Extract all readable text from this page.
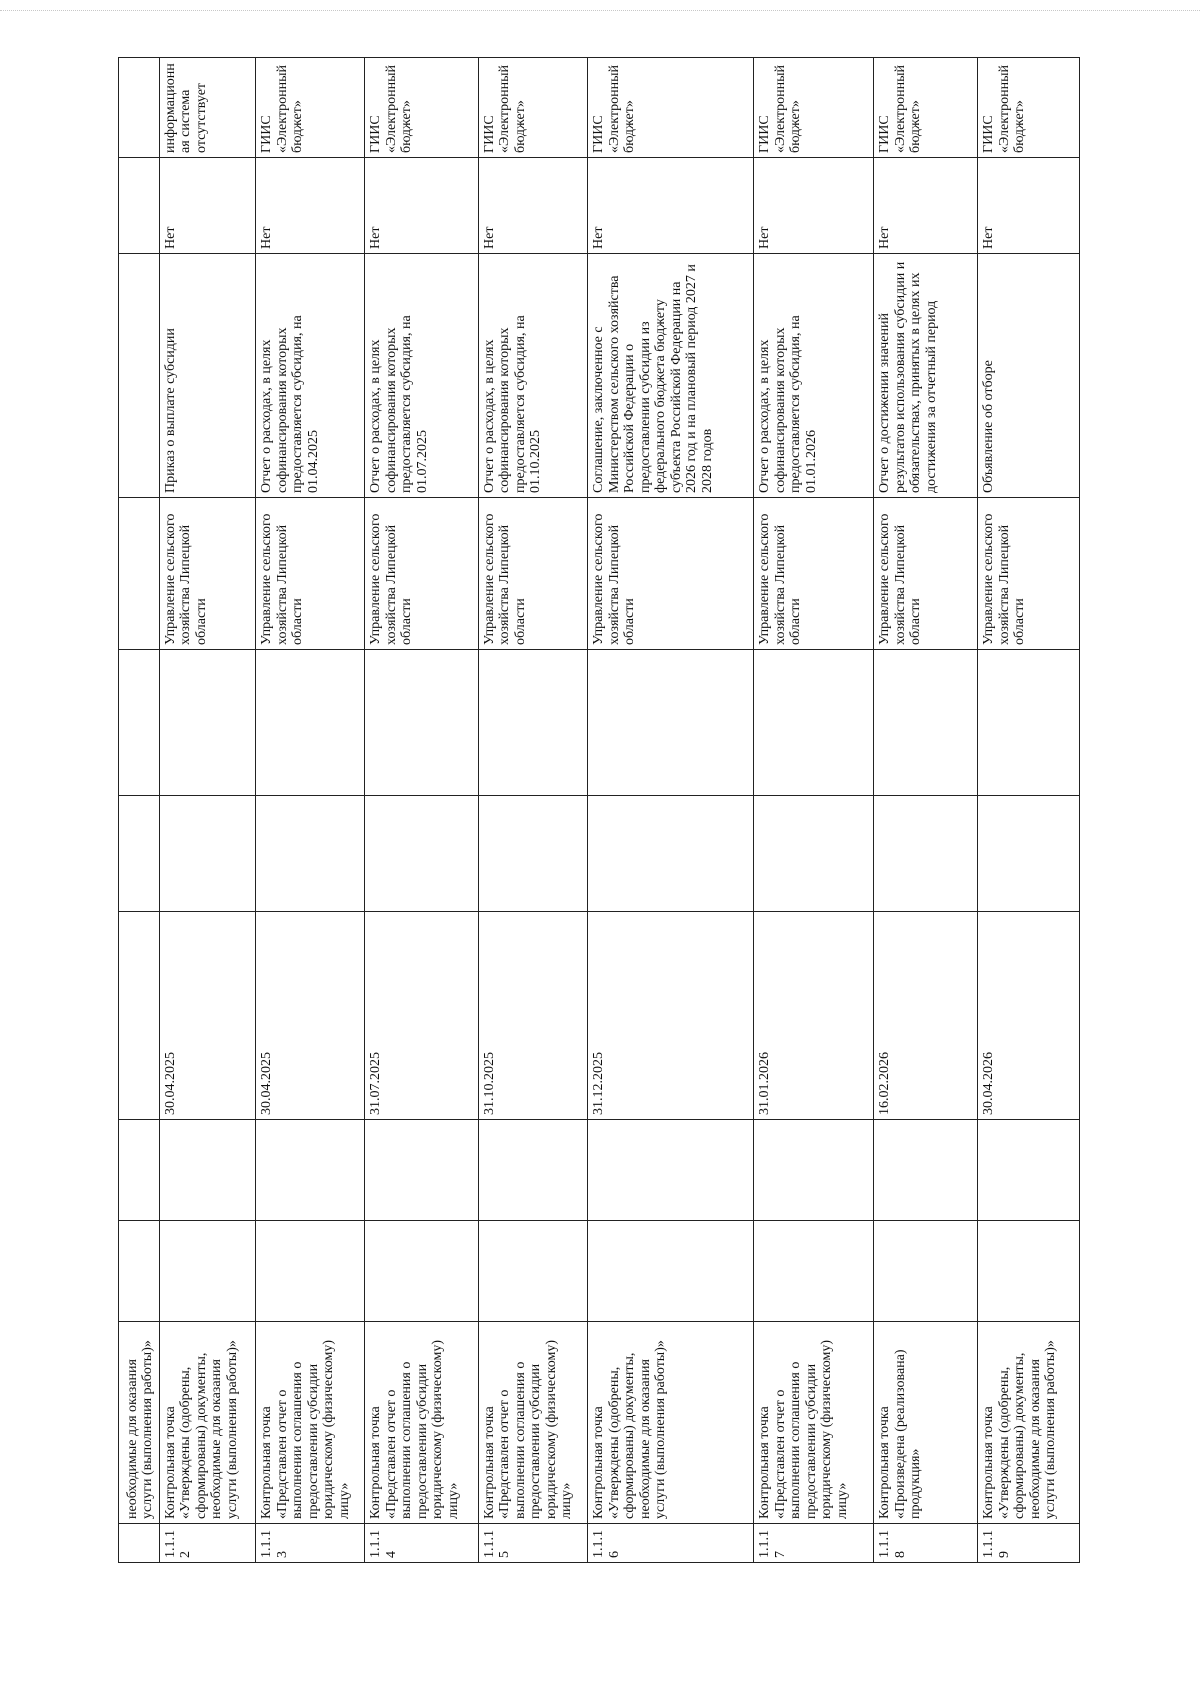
	необходимые для оказания услуги (выполнения работы)»									
1.1.12	Контрольная точка «Утверждены (одобрены, сформированы) документы, необходимые для оказания услуги (выполнения работы)»			30.04.2025			Управление сельского хозяйства Липецкой области	Приказ о выплате субсидии	Нет	информационная система отсутствует
1.1.13	Контрольная точка «Представлен отчет о выполнении соглашения о предоставлении субсидии юридическому (физическому) лицу»			30.04.2025			Управление сельского хозяйства Липецкой области	Отчет о расходах, в целях софинансирования которых предоставляется субсидия, на 01.04.2025	Нет	ГИИС «Электронный бюджет»
1.1.14	Контрольная точка «Представлен отчет о выполнении соглашения о предоставлении субсидии юридическому (физическому) лицу»			31.07.2025			Управление сельского хозяйства Липецкой области	Отчет о расходах, в целях софинансирования которых предоставляется субсидия, на 01.07.2025	Нет	ГИИС «Электронный бюджет»
1.1.15	Контрольная точка «Представлен отчет о выполнении соглашения о предоставлении субсидии юридическому (физическому) лицу»			31.10.2025			Управление сельского хозяйства Липецкой области	Отчет о расходах, в целях софинансирования которых предоставляется субсидия, на 01.10.2025	Нет	ГИИС «Электронный бюджет»
1.1.16	Контрольная точка «Утверждены (одобрены, сформированы) документы, необходимые для оказания услуги (выполнения работы)»			31.12.2025			Управление сельского хозяйства Липецкой области	Соглашение, заключенное с Министерством сельского хозяйства Российской Федерации о предоставлении субсидии из федерального бюджета бюджету субъекта Российской Федерации на 2026 год и на плановый период 2027 и 2028 годов	Нет	ГИИС «Электронный бюджет»
1.1.17	Контрольная точка «Представлен отчет о выполнении соглашения о предоставлении субсидии юридическому (физическому) лицу»			31.01.2026			Управление сельского хозяйства Липецкой области	Отчет о расходах, в целях софинансирования которых предоставляется субсидия, на 01.01.2026	Нет	ГИИС «Электронный бюджет»
1.1.18	Контрольная точка «Произведена (реализована) продукция»			16.02.2026			Управление сельского хозяйства Липецкой области	Отчет о достижении значений результатов использования субсидии и обязательствах, принятых в целях их достижения за отчетный период	Нет	ГИИС «Электронный бюджет»
1.1.19	Контрольная точка «Утверждены (одобрены, сформированы) документы, необходимые для оказания услуги (выполнения работы)»			30.04.2026			Управление сельского хозяйства Липецкой области	Объявление об отборе	Нет	ГИИС «Электронный бюджет»
